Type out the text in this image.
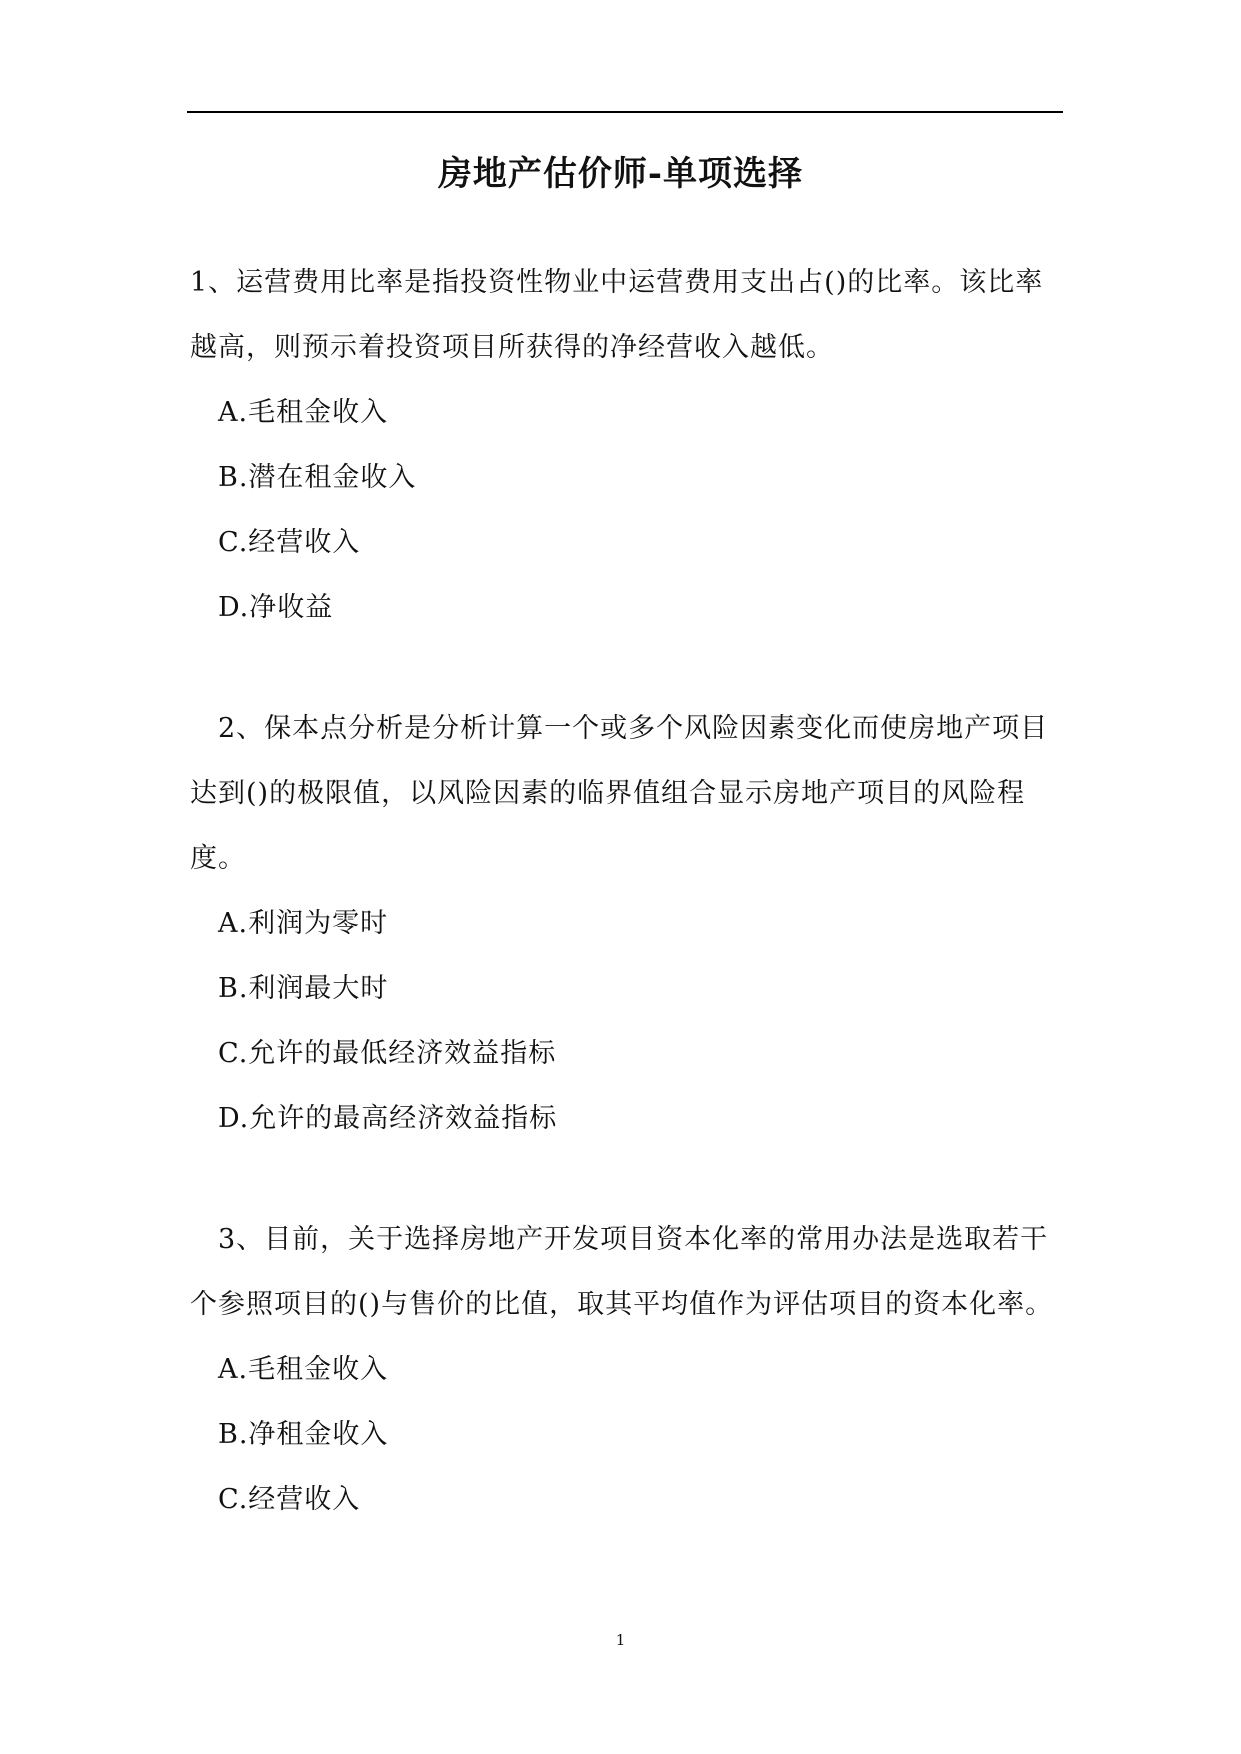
房地产估价师-单项选择

1、运营费用比率是指投资性物业中运营费用支出占()的比率。该比率越高，则预示着投资项目所获得的净经营收入越低。

A.毛租金收入

B.潜在租金收入

C.经营收入

D.净收益

2、保本点分析是分析计算一个或多个风险因素变化而使房地产项目达到()的极限值，以风险因素的临界值组合显示房地产项目的风险程度。

A.利润为零时

B.利润最大时

C.允许的最低经济效益指标

D.允许的最高经济效益指标

3、目前，关于选择房地产开发项目资本化率的常用办法是选取若干个参照项目的()与售价的比值，取其平均值作为评估项目的资本化率。

A.毛租金收入

B.净租金收入

C.经营收入

1
